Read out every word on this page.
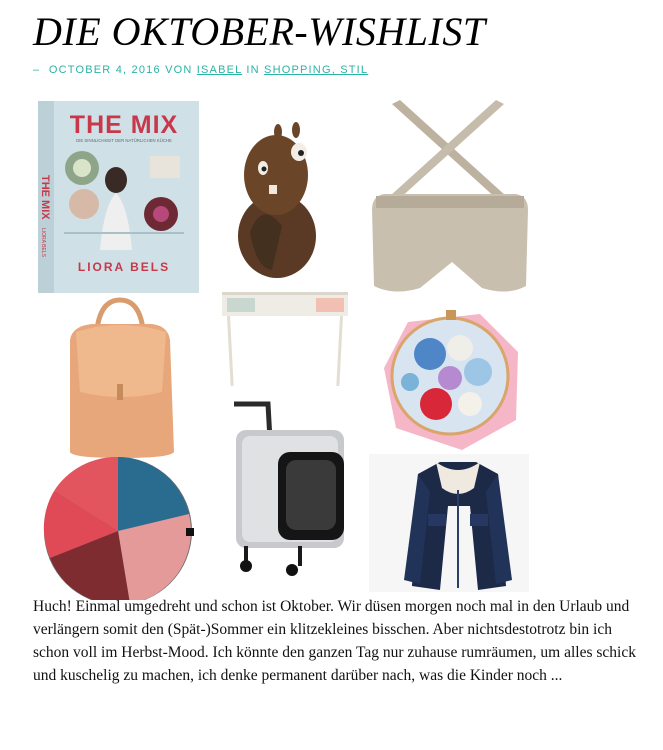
DIE OKTOBER-WISHLIST
– OCTOBER 4, 2016 VON ISABEL IN SHOPPING, STIL
THE MIX
LIORA BELS
THE MIX
DIE SINNLICHKEIT DER NATÜRLICHEN KÜCHE
LIORA BELS

Huch! Einmal umgedreht und schon ist Oktober. Wir düsen morgen noch mal in den Urlaub und verlängern somit den (Spät-)Sommer ein klitzekleines bisschen. Aber nichtsdestotrotz bin ich schon voll im Herbst-Mood. Ich könnte den ganzen Tag nur zuhause rumräumen, um alles schick und kuschelig zu machen, ich denke permanent darüber nach, was die Kinder noch ...
